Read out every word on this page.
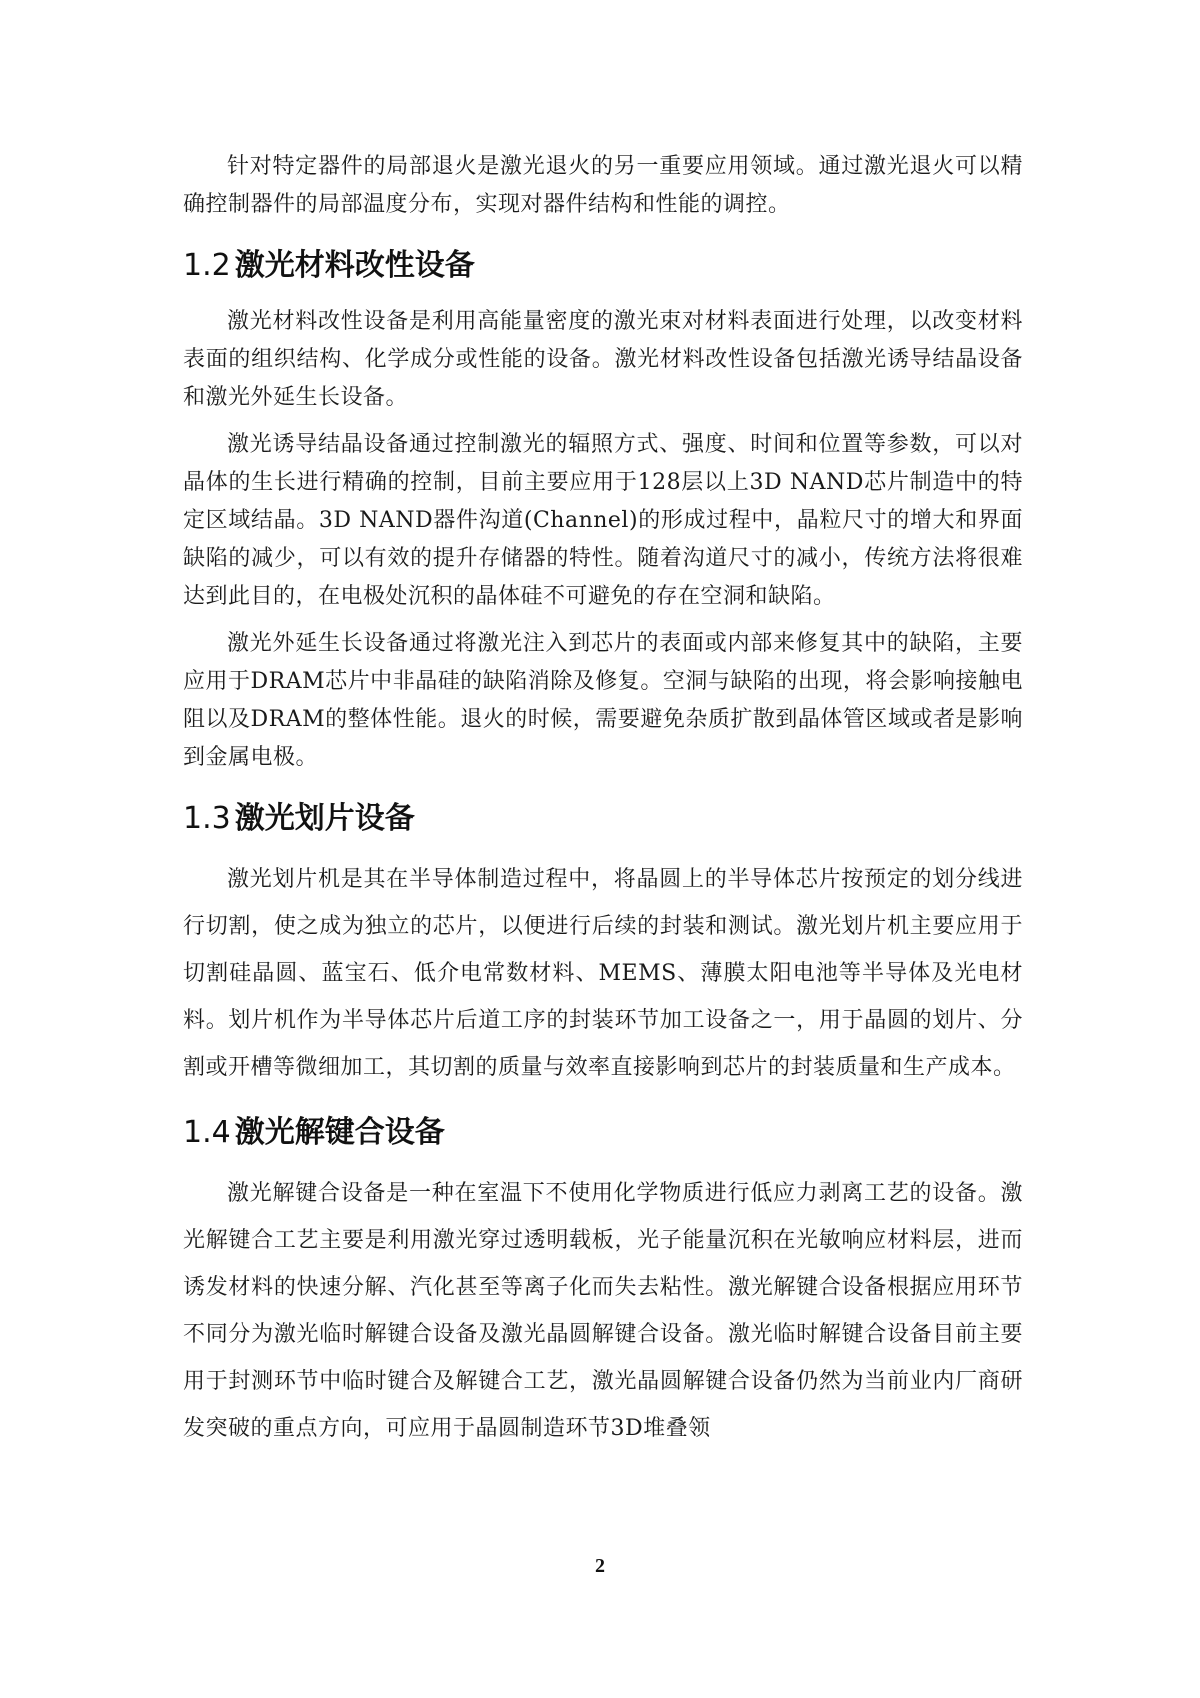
针对特定器件的局部退火是激光退火的另一重要应用领域。通过激光退火可以精确控制器件的局部温度分布，实现对器件结构和性能的调控。

1.2 激光材料改性设备

激光材料改性设备是利用高能量密度的激光束对材料表面进行处理，以改变材料表面的组织结构、化学成分或性能的设备。激光材料改性设备包括激光诱导结晶设备和激光外延生长设备。

激光诱导结晶设备通过控制激光的辐照方式、强度、时间和位置等参数，可以对晶体的生长进行精确的控制，目前主要应用于128层以上3D NAND芯片制造中的特定区域结晶。3D NAND器件沟道(Channel)的形成过程中，晶粒尺寸的增大和界面缺陷的减少，可以有效的提升存储器的特性。随着沟道尺寸的减小，传统方法将很难达到此目的，在电极处沉积的晶体硅不可避免的存在空洞和缺陷。

激光外延生长设备通过将激光注入到芯片的表面或内部来修复其中的缺陷，主要应用于DRAM芯片中非晶硅的缺陷消除及修复。空洞与缺陷的出现，将会影响接触电阻以及DRAM的整体性能。退火的时候，需要避免杂质扩散到晶体管区域或者是影响到金属电极。

1.3 激光划片设备

激光划片机是其在半导体制造过程中，将晶圆上的半导体芯片按预定的划分线进行切割，使之成为独立的芯片，以便进行后续的封装和测试。激光划片机主要应用于切割硅晶圆、蓝宝石、低介电常数材料、MEMS、薄膜太阳电池等半导体及光电材料。划片机作为半导体芯片后道工序的封装环节加工设备之一，用于晶圆的划片、分割或开槽等微细加工，其切割的质量与效率直接影响到芯片的封装质量和生产成本。

1.4 激光解键合设备

激光解键合设备是一种在室温下不使用化学物质进行低应力剥离工艺的设备。激光解键合工艺主要是利用激光穿过透明载板，光子能量沉积在光敏响应材料层，进而诱发材料的快速分解、汽化甚至等离子化而失去粘性。激光解键合设备根据应用环节不同分为激光临时解键合设备及激光晶圆解键合设备。激光临时解键合设备目前主要用于封测环节中临时键合及解键合工艺，激光晶圆解键合设备仍然为当前业内厂商研发突破的重点方向，可应用于晶圆制造环节3D堆叠领

2
